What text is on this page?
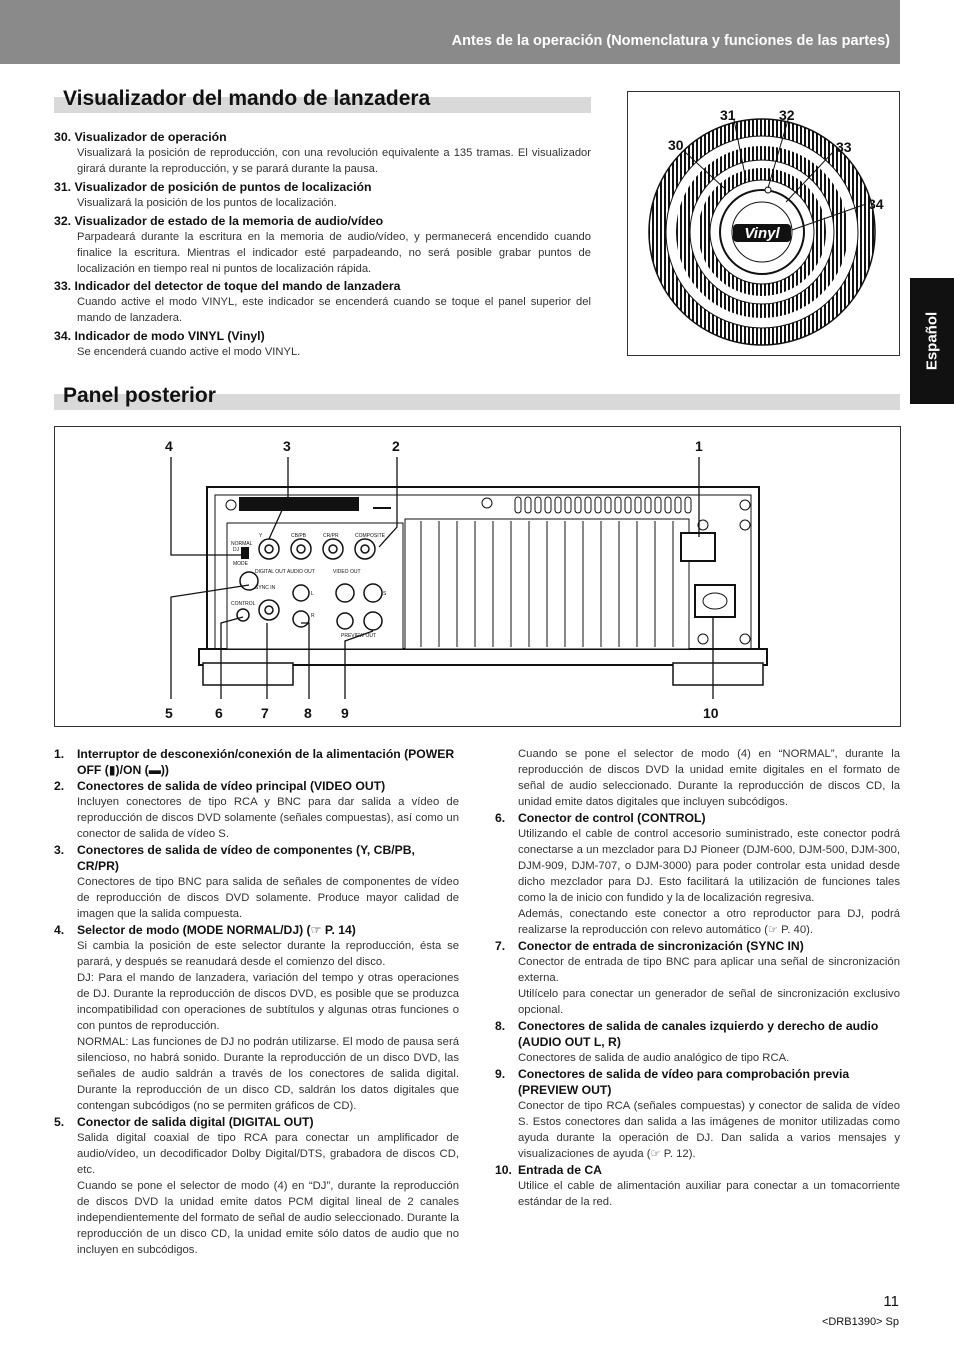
Antes de la operación (Nomenclatura y funciones de las partes)
Español
Visualizador del mando de lanzadera
30. Visualizador de operación
Visualizará la posición de reproducción, con una revolución equivalente a 135 tramas. El visualizador girará durante la reproducción, y se parará durante la pausa.
31. Visualizador de posición de puntos de localización
Visualizará la posición de los puntos de localización.
32. Visualizador de estado de la memoria de audio/vídeo
Parpadeará durante la escritura en la memoria de audio/vídeo, y permanecerá encendido cuando finalice la escritura. Mientras el indicador esté parpadeando, no será posible grabar puntos de localización en tiempo real ni puntos de localización rápida.
33. Indicador del detector de toque del mando de lanzadera
Cuando active el modo VINYL, este indicador se encenderá cuando se toque el panel superior del mando de lanzadera.
34. Indicador de modo VINYL (Vinyl)
Se encenderá cuando active el modo VINYL.
Vinyl
30
31	32
33
34
Panel posterior
Y	CB/PB	CR/PR	COMPOSITE
NORMAL
DJ
MODE
DIGITAL OUT AUDIO OUT	VIDEO OUT
SYNC IN
CONTROL
L
R
S
PREVIEW OUT
4	3	2	1
5	6	7	8 9	10
1.	Interruptor de desconexión/conexión de la alimentación (POWER OFF (▮)/ON (▬))
2.	Conectores de salida de vídeo principal (VIDEO OUT)
Incluyen conectores de tipo RCA y BNC para dar salida a vídeo de reproducción de discos DVD solamente (señales compuestas), así como un conector de salida de vídeo S.
3.	Conectores de salida de vídeo de componentes (Y, CB/PB, CR/PR)
Conectores de tipo BNC para salida de señales de componentes de vídeo de reproducción de discos DVD solamente. Produce mayor calidad de imagen que la salida compuesta.
4.	Selector de modo (MODE NORMAL/DJ) (☞ P. 14)
Si cambia la posición de este selector durante la reproducción, ésta se parará, y después se reanudará desde el comienzo del disco.
DJ: Para el mando de lanzadera, variación del tempo y otras operaciones de DJ. Durante la reproducción de discos DVD, es posible que se produzca incompatibilidad con operaciones de subtítulos y algunas otras funciones o con puntos de reproducción.
NORMAL: Las funciones de DJ no podrán utilizarse. El modo de pausa será silencioso, no habrá sonido. Durante la reproducción de un disco DVD, las señales de audio saldrán a través de los conectores de salida digital. Durante la reproducción de un disco CD, saldrán los datos digitales que contengan subcódigos (no se permiten gráficos de CD).
5.	Conector de salida digital (DIGITAL OUT)
Salida digital coaxial de tipo RCA para conectar un amplificador de audio/vídeo, un decodificador Dolby Digital/DTS, grabadora de discos CD, etc.
Cuando se pone el selector de modo (4) en “DJ”, durante la reproducción de discos DVD la unidad emite datos PCM digital lineal de 2 canales independientemente del formato de señal de audio seleccionado. Durante la reproducción de un disco CD, la unidad emite sólo datos de audio que no incluyen en subcódigos.
Cuando se pone el selector de modo (4) en “NORMAL”, durante la reproducción de discos DVD la unidad emite digitales en el formato de señal de audio seleccionado. Durante la reproducción de discos CD, la unidad emite datos digitales que incluyen subcódigos.
6.	Conector de control (CONTROL)
Utilizando el cable de control accesorio suministrado, este conector podrá conectarse a un mezclador para DJ Pioneer (DJM-600, DJM-500, DJM-300, DJM-909, DJM-707, o DJM-3000) para poder controlar esta unidad desde dicho mezclador para DJ. Esto facilitará la utilización de funciones tales como la de inicio con fundido y la de localización regresiva.
Además, conectando este conector a otro reproductor para DJ, podrá realizarse la reproducción con relevo automático (☞ P. 40).
7.	Conector de entrada de sincronización (SYNC IN)
Conector de entrada de tipo BNC para aplicar una señal de sincronización externa.
Utilícelo para conectar un generador de señal de sincronización exclusivo opcional.
8.	Conectores de salida de canales izquierdo y derecho de audio (AUDIO OUT L, R)
Conectores de salida de audio analógico de tipo RCA.
9.	Conectores de salida de vídeo para comprobación previa (PREVIEW OUT)
Conector de tipo RCA (señales compuestas) y conector de salida de vídeo S. Estos conectores dan salida a las imágenes de monitor utilizadas como ayuda durante la operación de DJ. Dan salida a varios mensajes y visualizaciones de ayuda (☞ P. 12).
10. Entrada de CA
Utilice el cable de alimentación auxiliar para conectar a un tomacorriente estándar de la red.
11
<DRB1390> Sp
